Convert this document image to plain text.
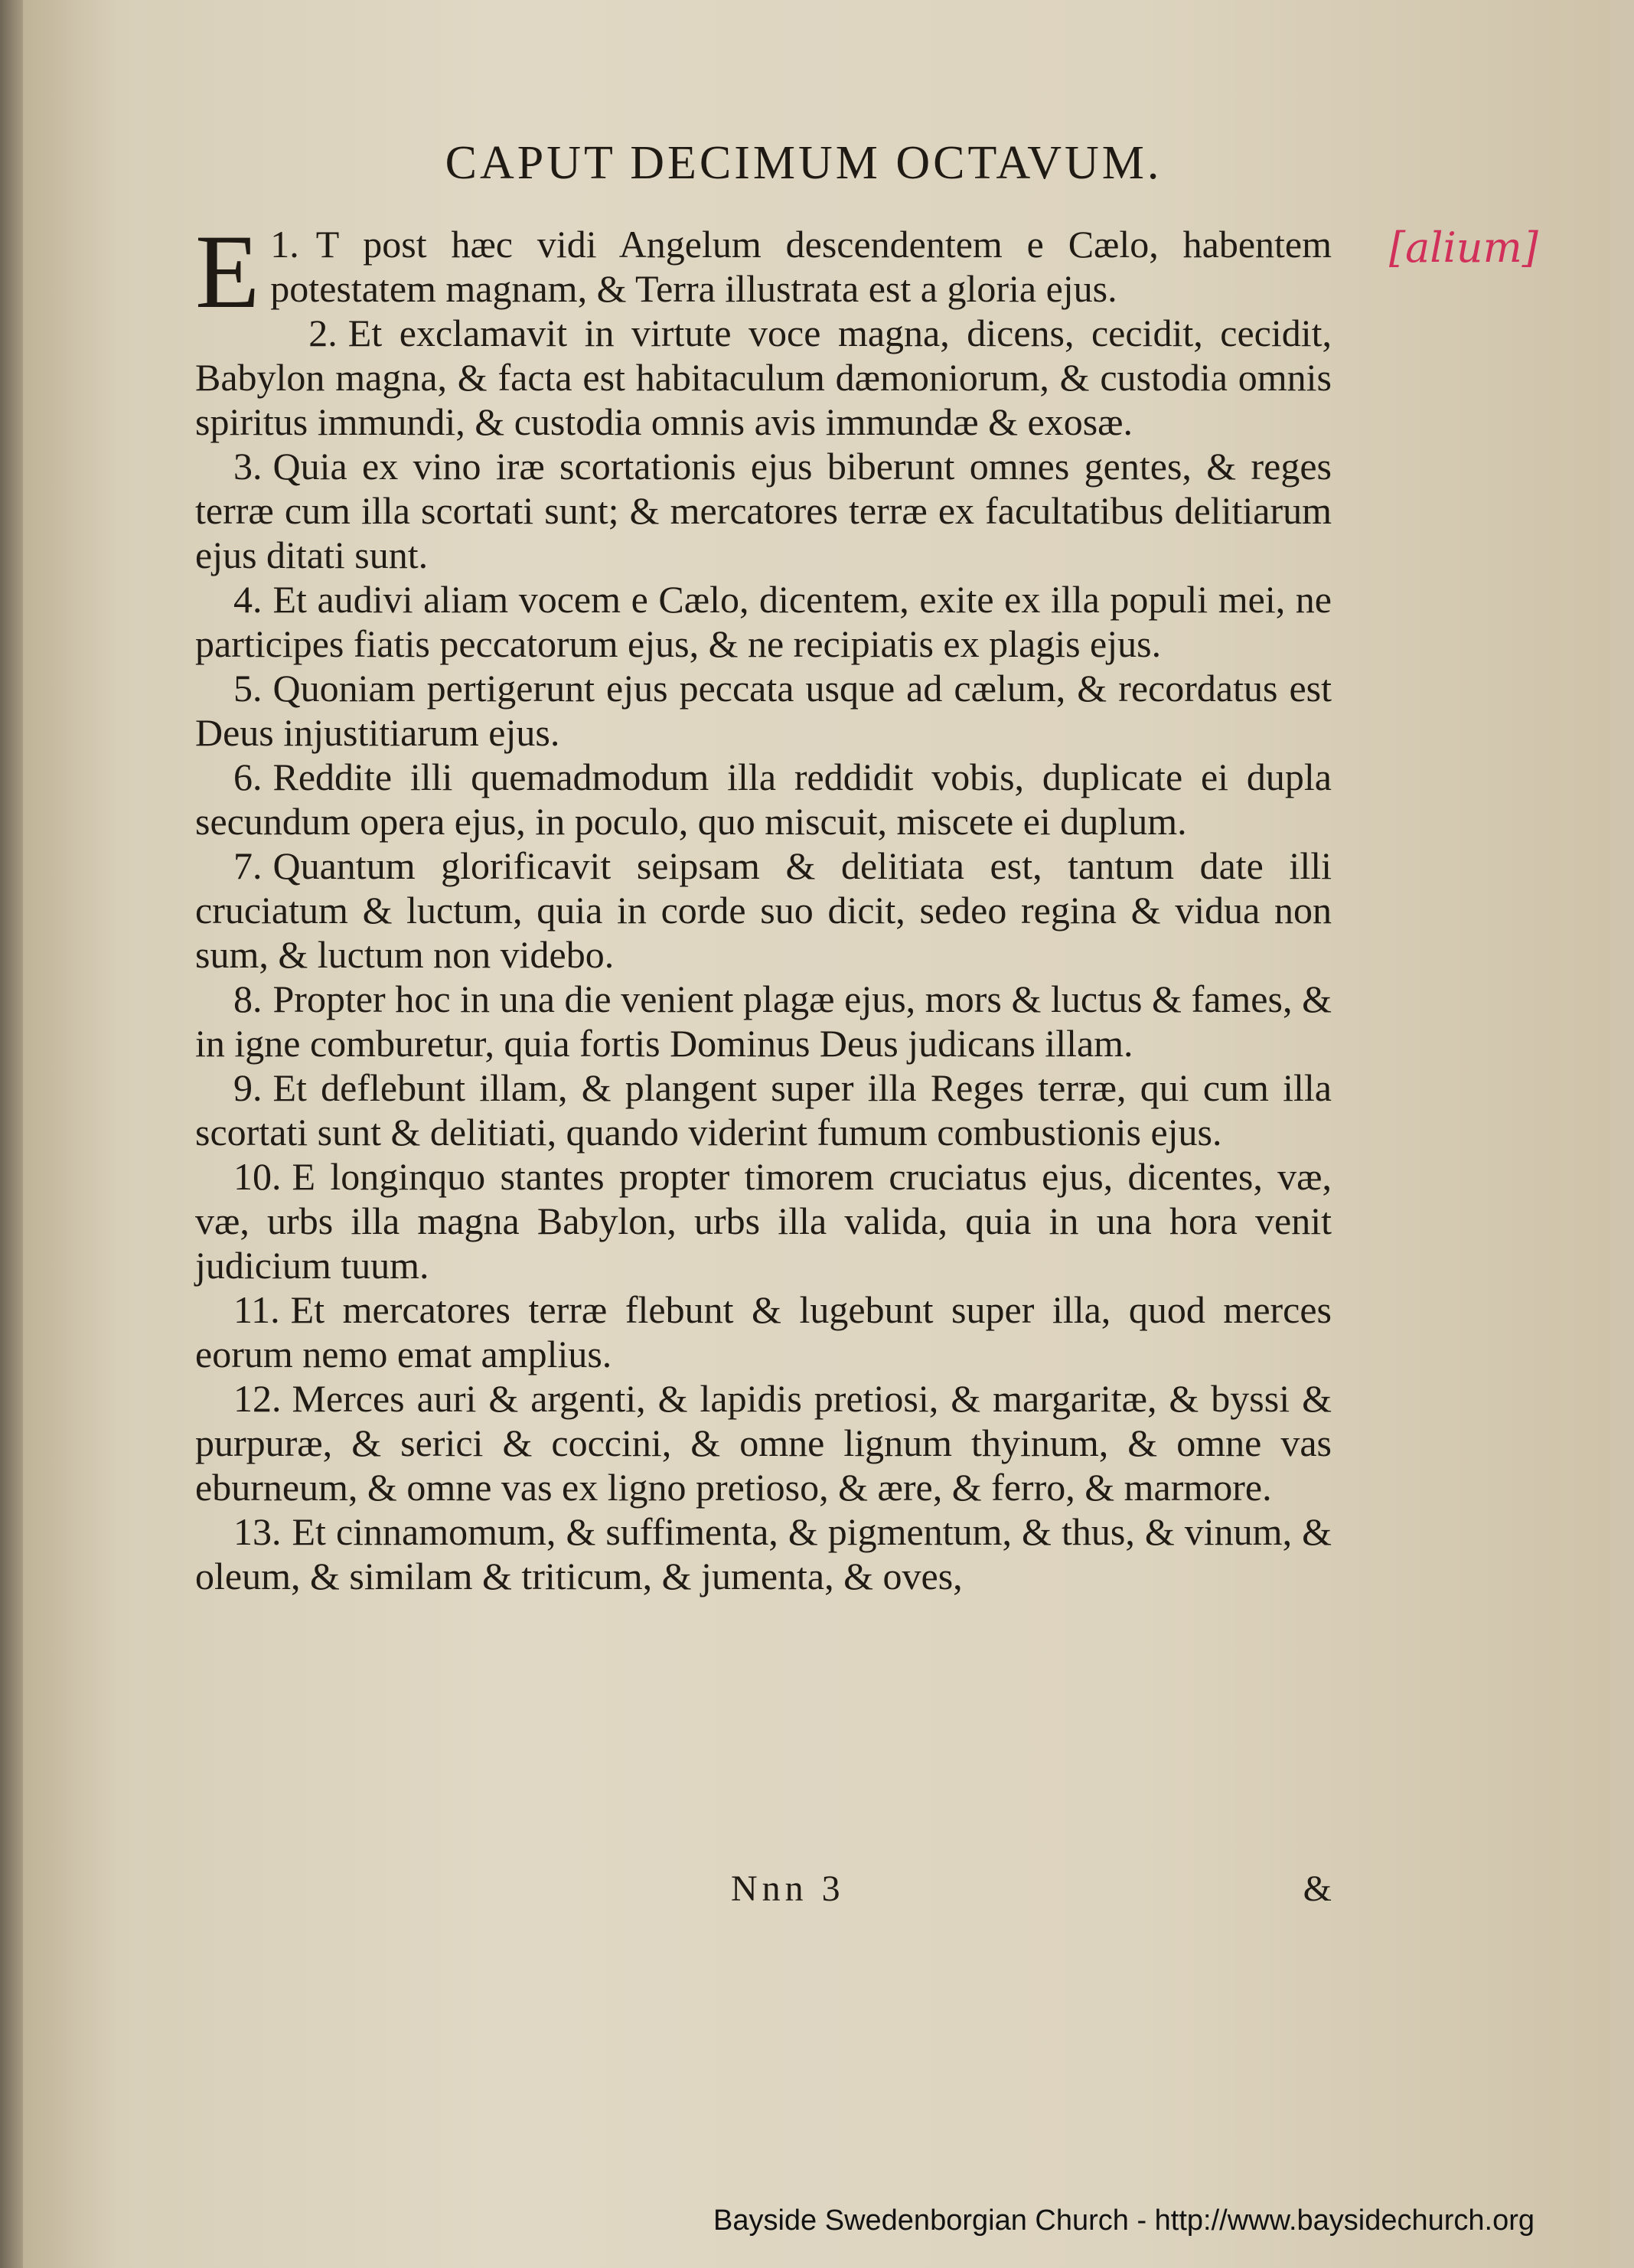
CAPUT DECIMUM OCTAVUM.
[alium]

1.
E T post hæc vidi Angelum descendentem e Cælo, habentem potestatem magnam, & Terra illustrata est a gloria ejus.

2. Et exclamavit in virtute voce magna, dicens, cecidit, cecidit, Babylon magna, & facta est habitaculum dæmoniorum, & custodia omnis spiritus immundi, & custodia omnis avis immundæ & exosæ.

3. Quia ex vino iræ scortationis ejus biberunt omnes gentes, & reges terræ cum illa scortati sunt; & mercatores terræ ex facultatibus delitiarum ejus ditati sunt.

4. Et audivi aliam vocem e Cælo, dicentem, exite ex illa populi mei, ne participes fiatis peccatorum ejus, & ne recipiatis ex plagis ejus.

5. Quoniam pertigerunt ejus peccata usque ad cælum, & recordatus est Deus injustitiarum ejus.

6. Reddite illi quemadmodum illa reddidit vobis, duplicate ei dupla secundum opera ejus, in poculo, quo miscuit, miscete ei duplum.

7. Quantum glorificavit seipsam & delitiata est, tantum date illi cruciatum & luctum, quia in corde suo dicit, sedeo regina & vidua non sum, & luctum non videbo.

8. Propter hoc in una die venient plagæ ejus, mors & luctus & fames, & in igne comburetur, quia fortis Dominus Deus judicans illam.

9. Et deflebunt illam, & plangent super illa Reges terræ, qui cum illa scortati sunt & delitiati, quando viderint fumum combustionis ejus.

10. E longinquo stantes propter timorem cruciatus ejus, dicentes, væ, væ, urbs illa magna Babylon, urbs illa valida, quia in una hora venit judicium tuum.

11. Et mercatores terræ flebunt & lugebunt super illa, quod merces eorum nemo emat amplius.

12. Merces auri & argenti, & lapidis pretiosi, & margaritæ, & byssi & purpuræ, & serici & coccini, & omne lignum thyinum, & omne vas eburneum, & omne vas ex ligno pretioso, & ære, & ferro, & marmore.

13. Et cinnamomum, & suffimenta, & pigmentum, & thus, & vinum, & oleum, & similam & triticum, & jumenta, & oves,

Nnn 3	&
Bayside Swedenborgian Church - http://www.baysidechurch.org
